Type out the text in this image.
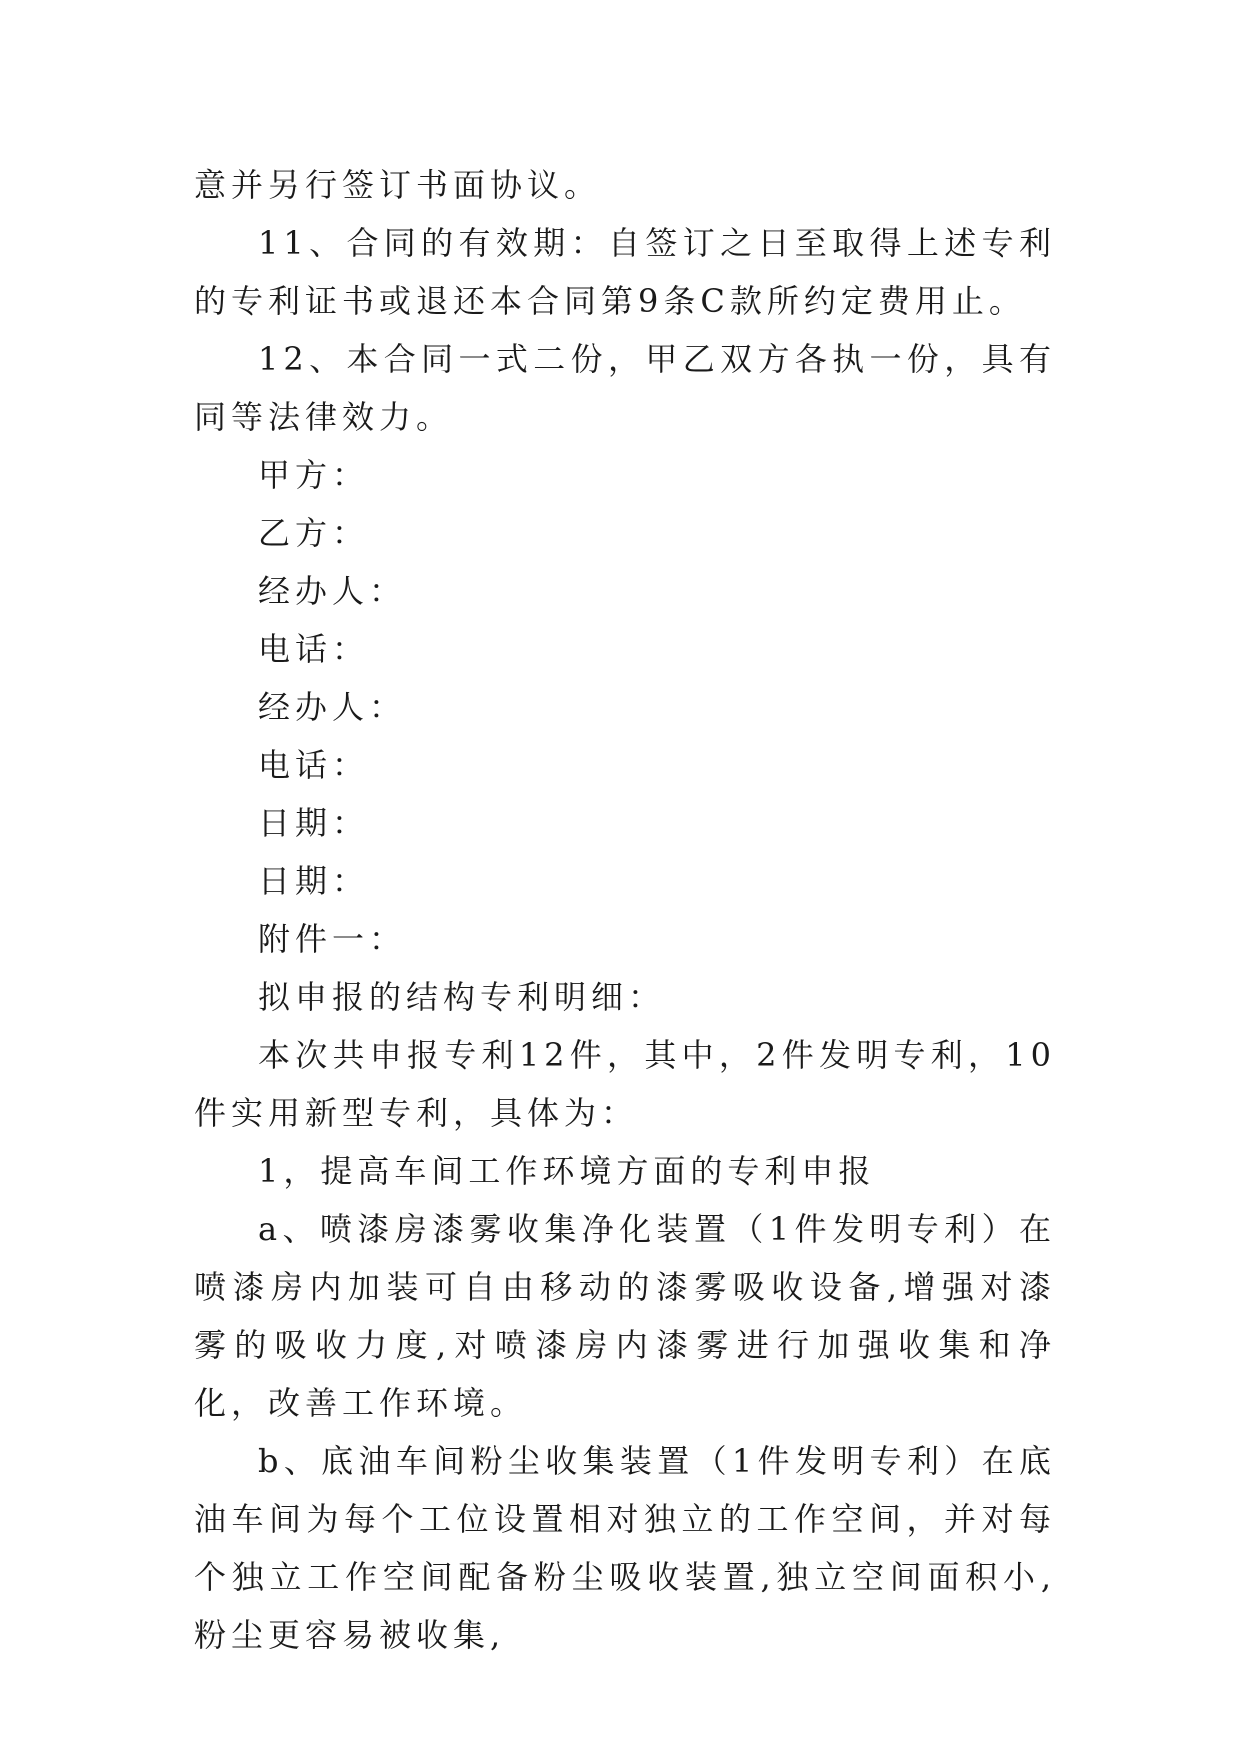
意并另行签订书面协议。

11、合同的有效期：自签订之日至取得上述专利的专利证书或退还本合同第9条C款所约定费用止。

12、本合同一式二份，甲乙双方各执一份，具有同等法律效力。

甲方：

乙方：

经办人：

电话：

经办人：

电话：

日期：

日期：

附件一：

拟申报的结构专利明细：

本次共申报专利12件，其中，2件发明专利，10件实用新型专利，具体为：

1，提高车间工作环境方面的专利申报

a、喷漆房漆雾收集净化装置（1件发明专利）在喷漆房内加装可自由移动的漆雾吸收设备,增强对漆雾的吸收力度,对喷漆房内漆雾进行加强收集和净化，改善工作环境。

b、底油车间粉尘收集装置（1件发明专利）在底油车间为每个工位设置相对独立的工作空间，并对每个独立工作空间配备粉尘吸收装置,独立空间面积小,粉尘更容易被收集,
